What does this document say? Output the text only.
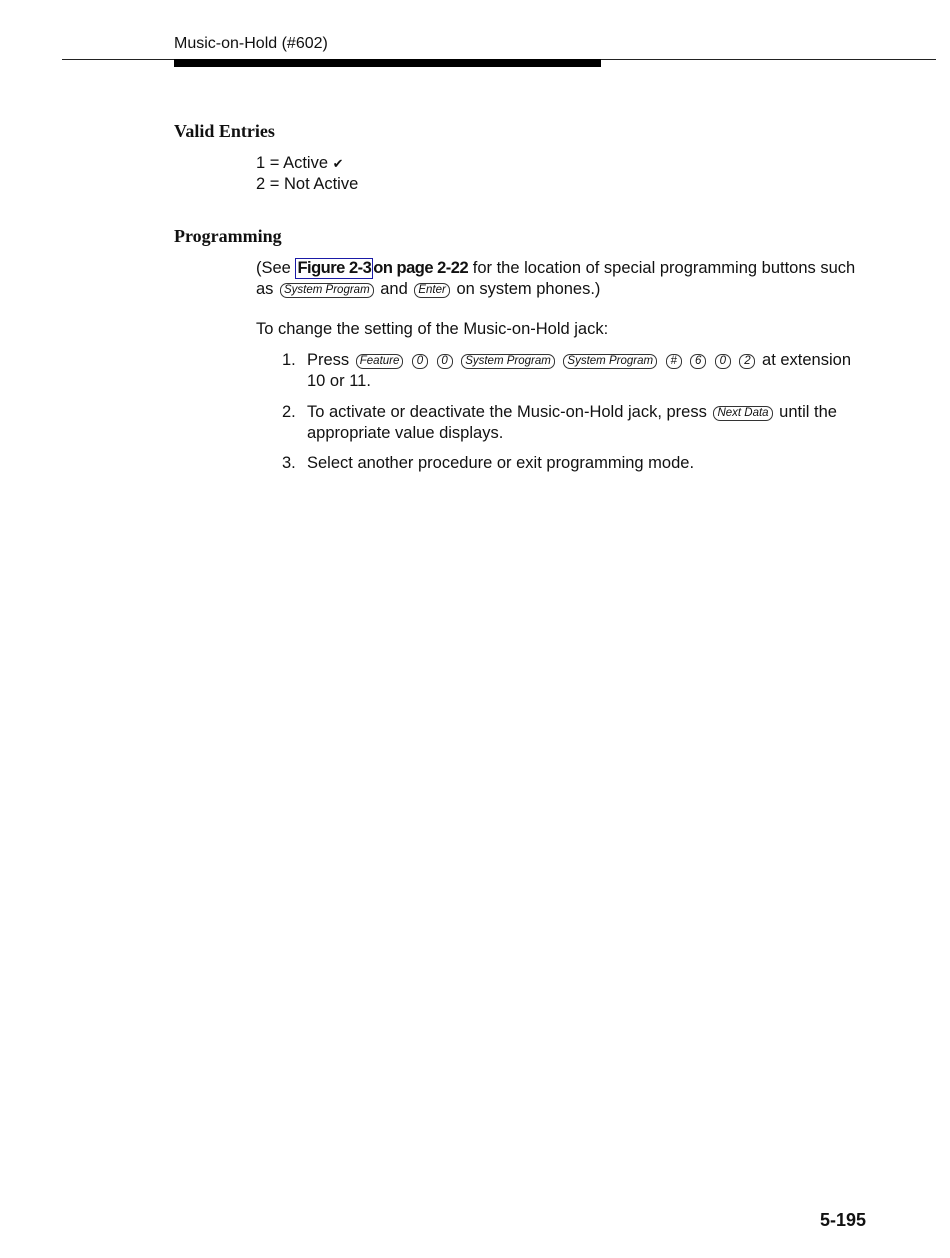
Music-on-Hold (#602)
Valid Entries
1 = Active ✔
2 = Not Active
Programming
(See Figure 2-3 on page 2-22 for the location of special programming buttons such
as System Program and Enter on system phones.)
To change the setting of the Music-on-Hold jack:
1. Press Feature 0 0 System Program System Program # 6 0 2 at extension
10 or 11.
2. To activate or deactivate the Music-on-Hold jack, press Next Data until the
appropriate value displays.
3. Select another procedure or exit programming mode.
5-195
